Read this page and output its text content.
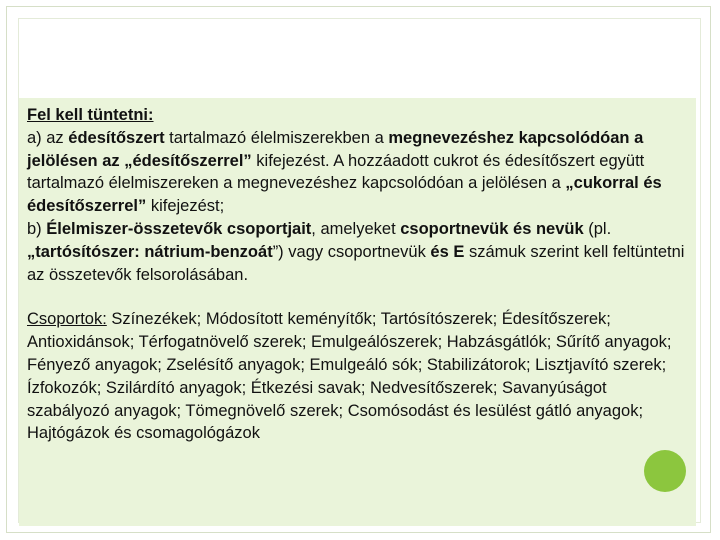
Fel kell tüntetni:

a) az édesítőszert tartalmazó élelmiszerekben a megnevezéshez kapcsolódóan a jelölésen az „édesítőszerrel” kifejezést. A hozzáadott cukrot és édesítőszert együtt tartalmazó élelmiszereken a megnevezéshez kapcsolódóan a jelölésen a „cukorral és édesítőszerrel” kifejezést;

b) Élelmiszer-összetevők csoportjait, amelyeket csoportnevük és nevük (pl. „tartósítószer: nátrium-benzoát”) vagy csoportnevük és E számuk szerint kell feltüntetni az összetevők felsorolásában.

Csoportok: Színezékek; Módosított keményítők; Tartósítószerek; Édesítőszerek; Antioxidánsok; Térfogatnövelő szerek; Emulgeálószerek; Habzásgátlók; Sűrítő anyagok; Fényező anyagok; Zselésítő anyagok; Emulgeáló sók; Stabilizátorok; Lisztjavító szerek; Ízfokozók; Szilárdító anyagok; Étkezési savak; Nedvesítőszerek; Savanyúságot szabályozó anyagok; Tömegnövelő szerek; Csomósodást és lesülést gátló anyagok; Hajtógázok és csomagológázok
